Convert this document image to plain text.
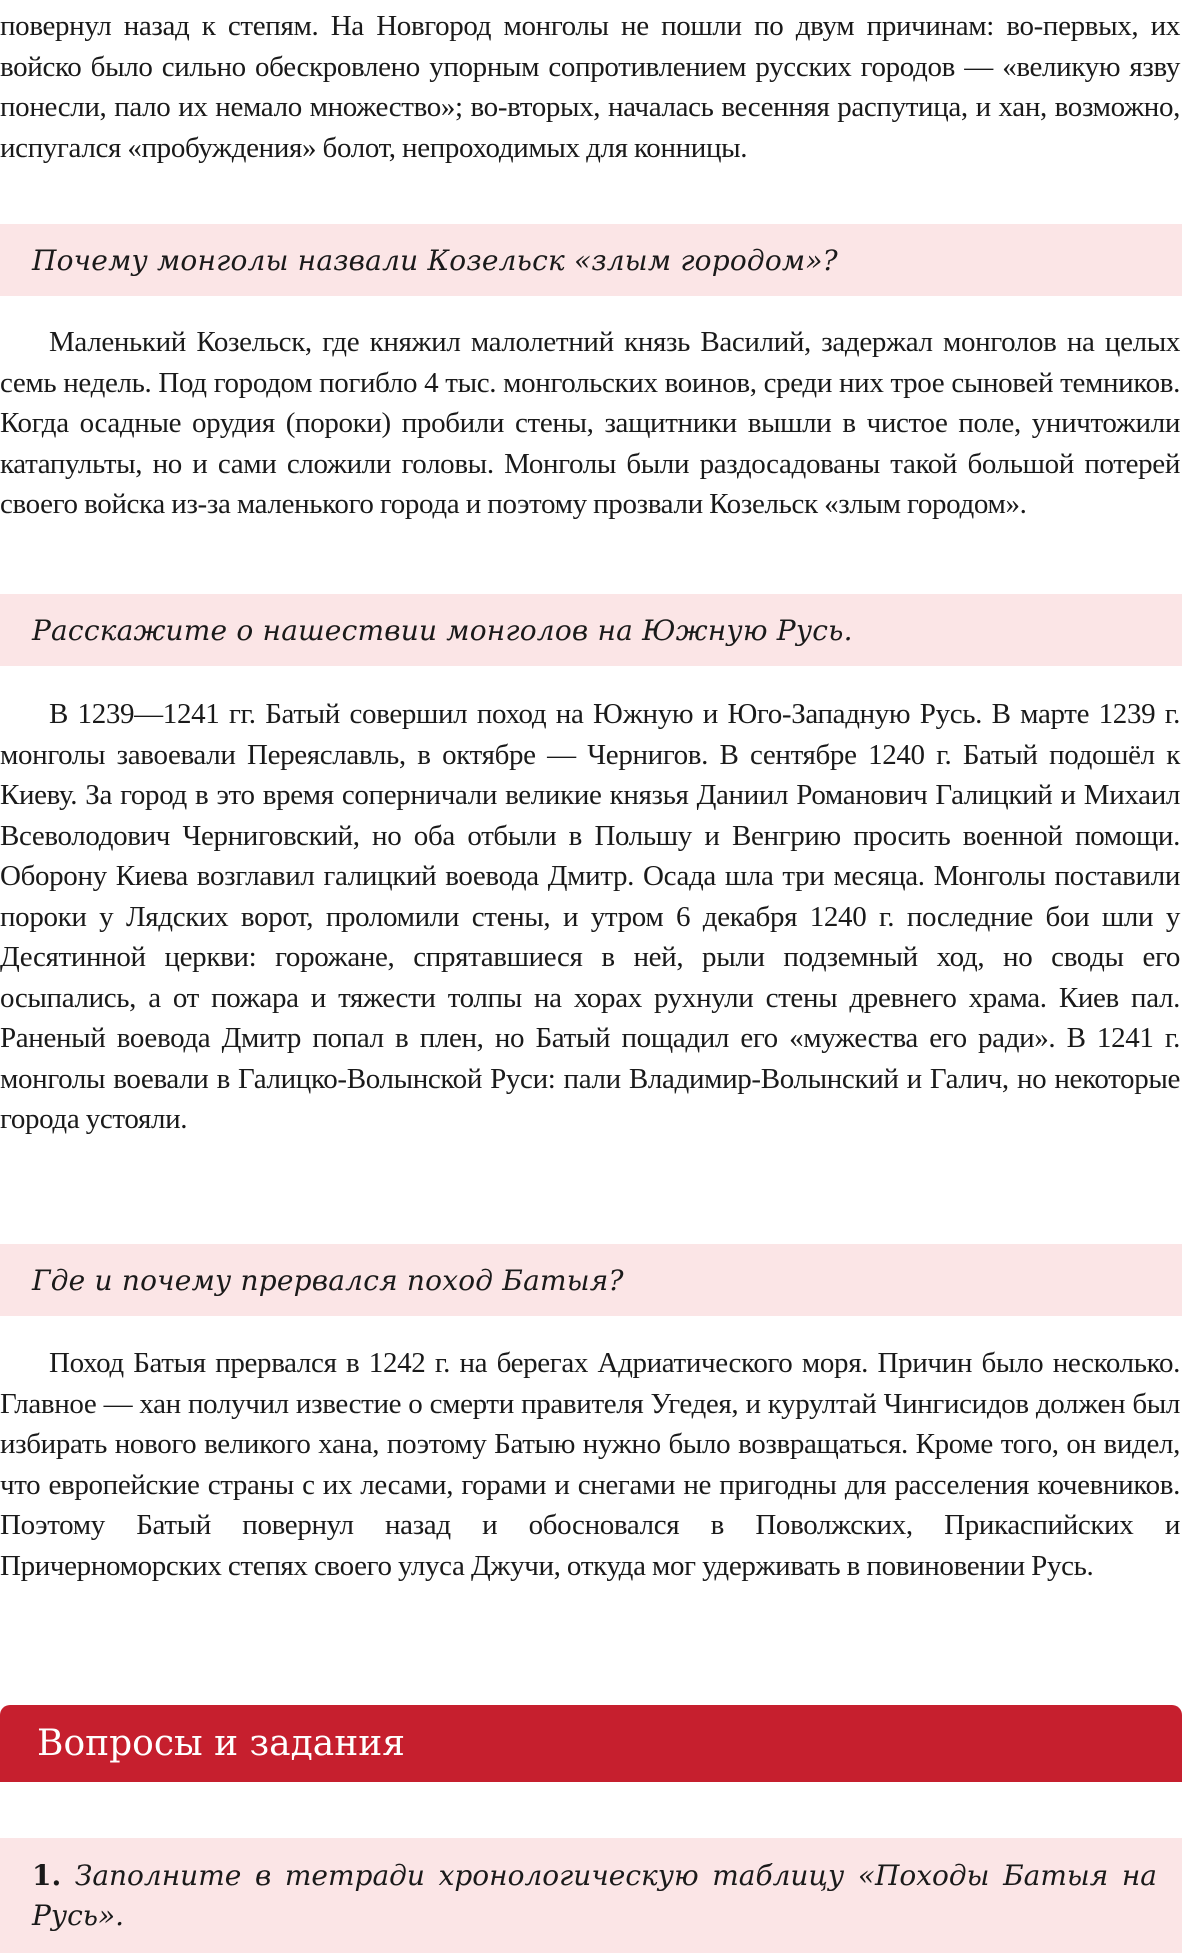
повернул назад к степям. На Новгород монголы не пошли по двум причинам: во-первых, их войско было сильно обескровлено упорным сопротивлением русских городов — «великую язву понесли, пало их немало множество»; во-вторых, началась весенняя распутица, и хан, возможно, испугался «пробуждения» болот, непроходимых для конницы.

Почему монголы назвали Козельск «злым городом»?

Маленький Козельск, где княжил малолетний князь Василий, задержал монголов на целых семь недель. Под городом погибло 4 тыс. монгольских воинов, среди них трое сыновей темников. Когда осадные орудия (пороки) пробили стены, защитники вышли в чистое поле, уничтожили катапульты, но и сами сложили головы. Монголы были раздосадованы такой большой потерей своего войска из-за маленького города и поэтому прозвали Козельск «злым городом».

Расскажите о нашествии монголов на Южную Русь.

В 1239—1241 гг. Батый совершил поход на Южную и Юго-Западную Русь. В марте 1239 г. монголы завоевали Переяславль, в октябре — Чернигов. В сентябре 1240 г. Батый подошёл к Киеву. За город в это время соперничали великие князья Даниил Романович Галицкий и Михаил Всеволодович Черниговский, но оба отбыли в Польшу и Венгрию просить военной помощи. Оборону Киева возглавил галицкий воевода Дмитр. Осада шла три месяца. Монголы поставили пороки у Лядских ворот, проломили стены, и утром 6 декабря 1240 г. последние бои шли у Десятинной церкви: горожане, спрятавшиеся в ней, рыли подземный ход, но своды его осыпались, а от пожара и тяжести толпы на хорах рухнули стены древнего храма. Киев пал. Раненый воевода Дмитр попал в плен, но Батый пощадил его «мужества его ради». В 1241 г. монголы воевали в Галицко-Волынской Руси: пали Владимир-Волынский и Галич, но некоторые города устояли.

Где и почему прервался поход Батыя?

Поход Батыя прервался в 1242 г. на берегах Адриатического моря. Причин было несколько. Главное — хан получил известие о смерти правителя Угедея, и курултай Чингисидов должен был избирать нового великого хана, поэтому Батыю нужно было возвращаться. Кроме того, он видел, что европейские страны с их лесами, горами и снегами не пригодны для расселения кочевников. Поэтому Батый повернул назад и обосновался в Поволжских, Прикаспийских и Причерноморских степях своего улуса Джучи, откуда мог удерживать в повиновении Русь.

Вопросы и задания

1. Заполните в тетради хронологическую таблицу «Походы Батыя на Русь».
